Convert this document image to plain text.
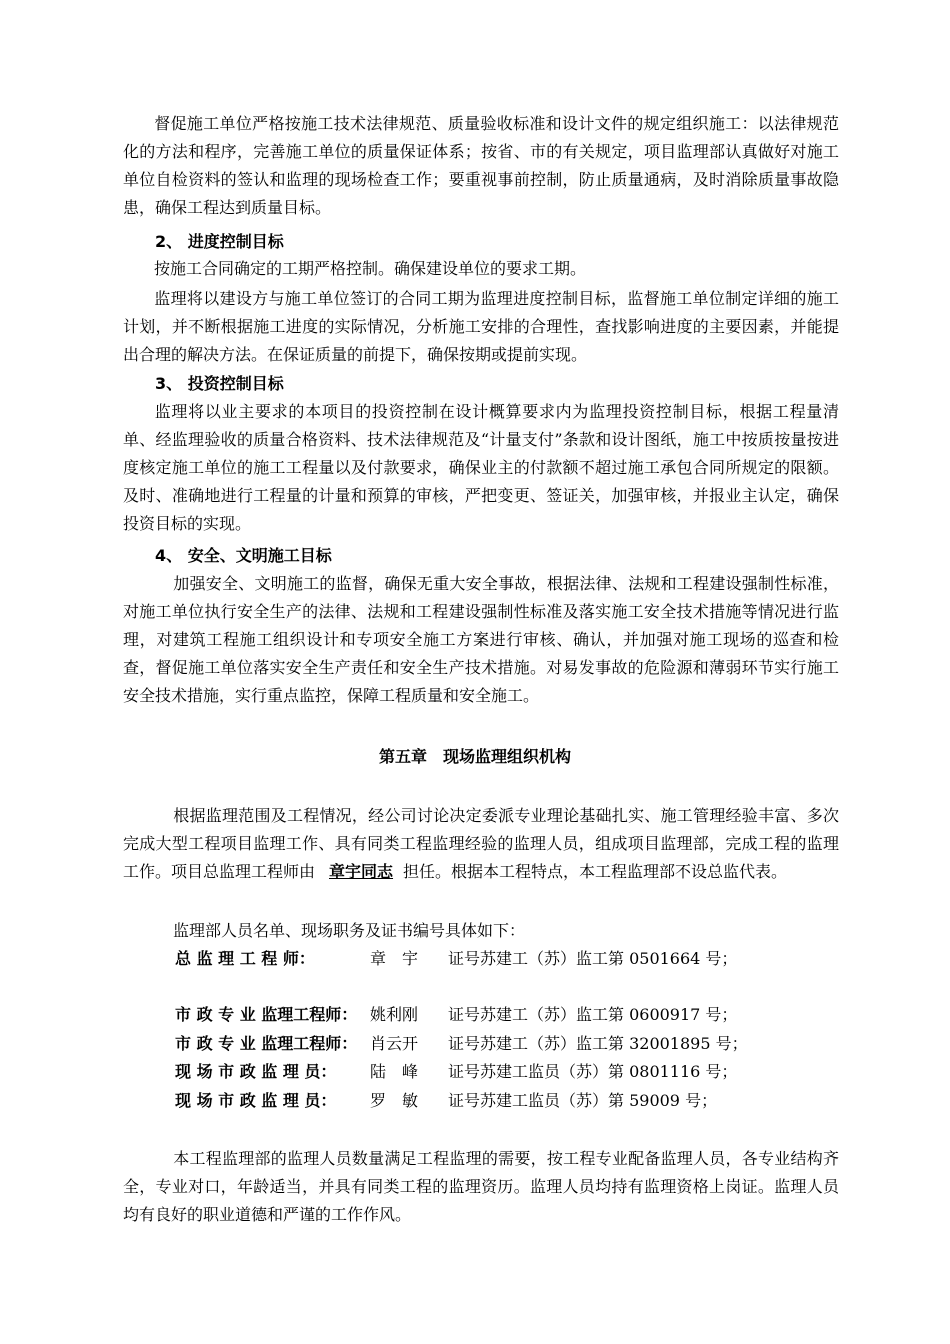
督促施工单位严格按施工技术法律规范、质量验收标准和设计文件的规定组织施工：以法律规范化的方法和程序，完善施工单位的质量保证体系；按省、市的有关规定，项目监理部认真做好对施工单位自检资料的签认和监理的现场检查工作；要重视事前控制，防止质量通病，及时消除质量事故隐患，确保工程达到质量目标。

2、 进度控制目标

按施工合同确定的工期严格控制。确保建设单位的要求工期。

监理将以建设方与施工单位签订的合同工期为监理进度控制目标，监督施工单位制定详细的施工计划，并不断根据施工进度的实际情况，分析施工安排的合理性，查找影响进度的主要因素，并能提出合理的解决方法。在保证质量的前提下，确保按期或提前实现。

3、 投资控制目标

监理将以业主要求的本项目的投资控制在设计概算要求内为监理投资控制目标，根据工程量清单、经监理验收的质量合格资料、技术法律规范及“计量支付”条款和设计图纸，施工中按质按量按进度核定施工单位的施工工程量以及付款要求，确保业主的付款额不超过施工承包合同所规定的限额。及时、准确地进行工程量的计量和预算的审核，严把变更、签证关，加强审核，并报业主认定，确保投资目标的实现。

4、 安全、文明施工目标

加强安全、文明施工的监督，确保无重大安全事故，根据法律、法规和工程建设强制性标准，对施工单位执行安全生产的法律、法规和工程建设强制性标准及落实施工安全技术措施等情况进行监理，对建筑工程施工组织设计和专项安全施工方案进行审核、确认，并加强对施工现场的巡查和检查，督促施工单位落实安全生产责任和安全生产技术措施。对易发事故的危险源和薄弱环节实行施工安全技术措施，实行重点监控，保障工程质量和安全施工。

第五章　现场监理组织机构

根据监理范围及工程情况，经公司讨论决定委派专业理论基础扎实、施工管理经验丰富、多次完成大型工程项目监理工作、具有同类工程监理经验的监理人员，组成项目监理部，完成工程的监理工作。项目总监理工程师由 章宇同志 担任。根据本工程特点，本工程监理部不设总监代表。

监理部人员名单、现场职务及证书编号具体如下：

总 监 理 工 程 师：	章　宇 证号苏建工（苏）监工第 0501664 号；
市 政 专 业 监理工程师： 姚利刚 证号苏建工（苏）监工第 0600917 号；
市 政 专 业 监理工程师： 肖云开 证号苏建工（苏）监工第 32001895 号；
现 场 市 政 监 理 员： 陆　峰 证号苏建工监员（苏）第 0801116 号；
现 场 市 政 监 理 员： 罗　敏 证号苏建工监员（苏）第 59009 号；

本工程监理部的监理人员数量满足工程监理的需要，按工程专业配备监理人员，各专业结构齐全，专业对口，年龄适当，并具有同类工程的监理资历。监理人员均持有监理资格上岗证。监理人员均有良好的职业道德和严谨的工作作风。
